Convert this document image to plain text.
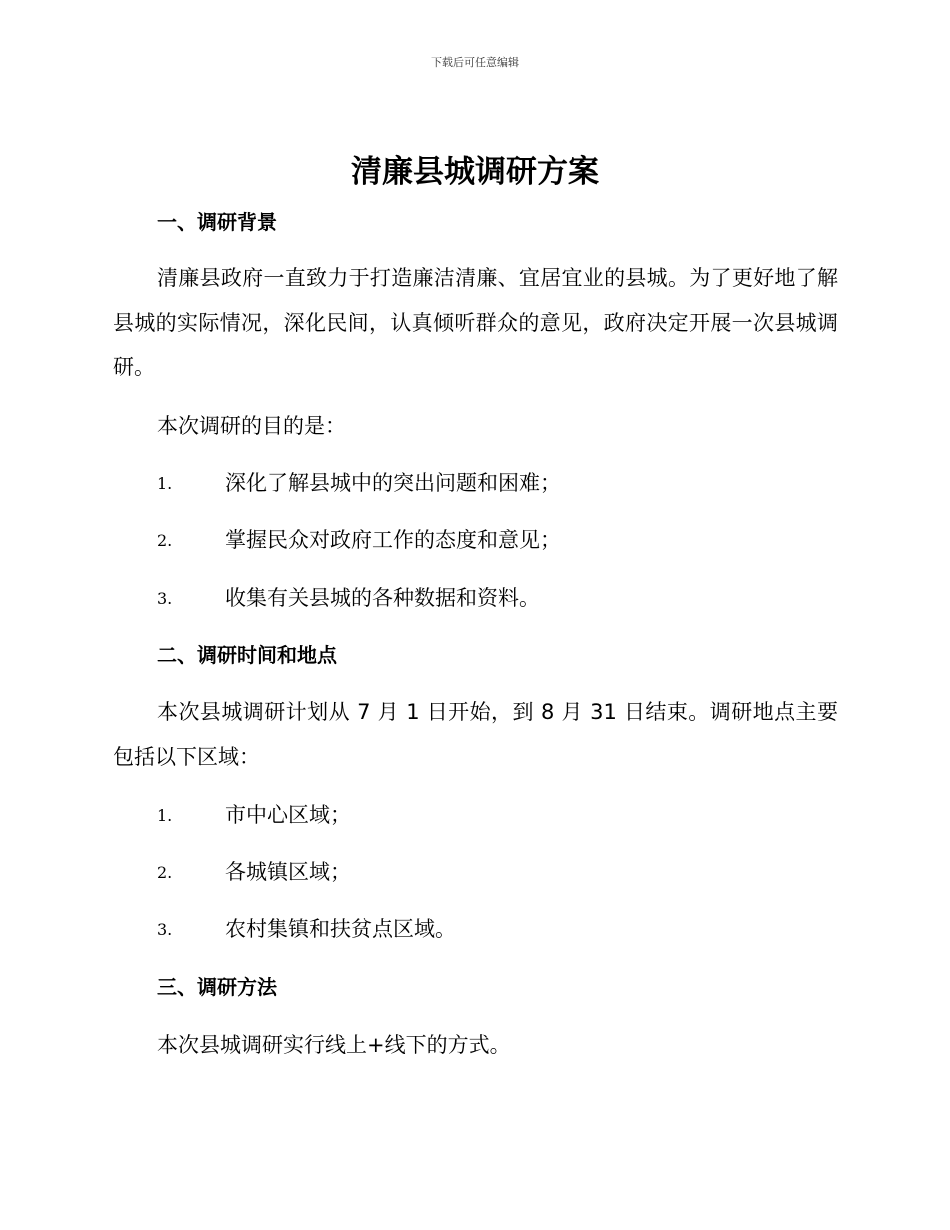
下载后可任意编辑
清廉县城调研方案
一、调研背景
清廉县政府一直致力于打造廉洁清廉、宜居宜业的县城。为了更好地了解县城的实际情况，深化民间，认真倾听群众的意见，政府决定开展一次县城调研。
本次调研的目的是：
1.	深化了解县城中的突出问题和困难；
2.	掌握民众对政府工作的态度和意见；
3.	收集有关县城的各种数据和资料。
二、调研时间和地点
本次县城调研计划从 7 月 1 日开始，到 8 月 31 日结束。调研地点主要包括以下区域：
1.	市中心区域；
2.	各城镇区域；
3.	农村集镇和扶贫点区域。
三、调研方法
本次县城调研实行线上+线下的方式。
